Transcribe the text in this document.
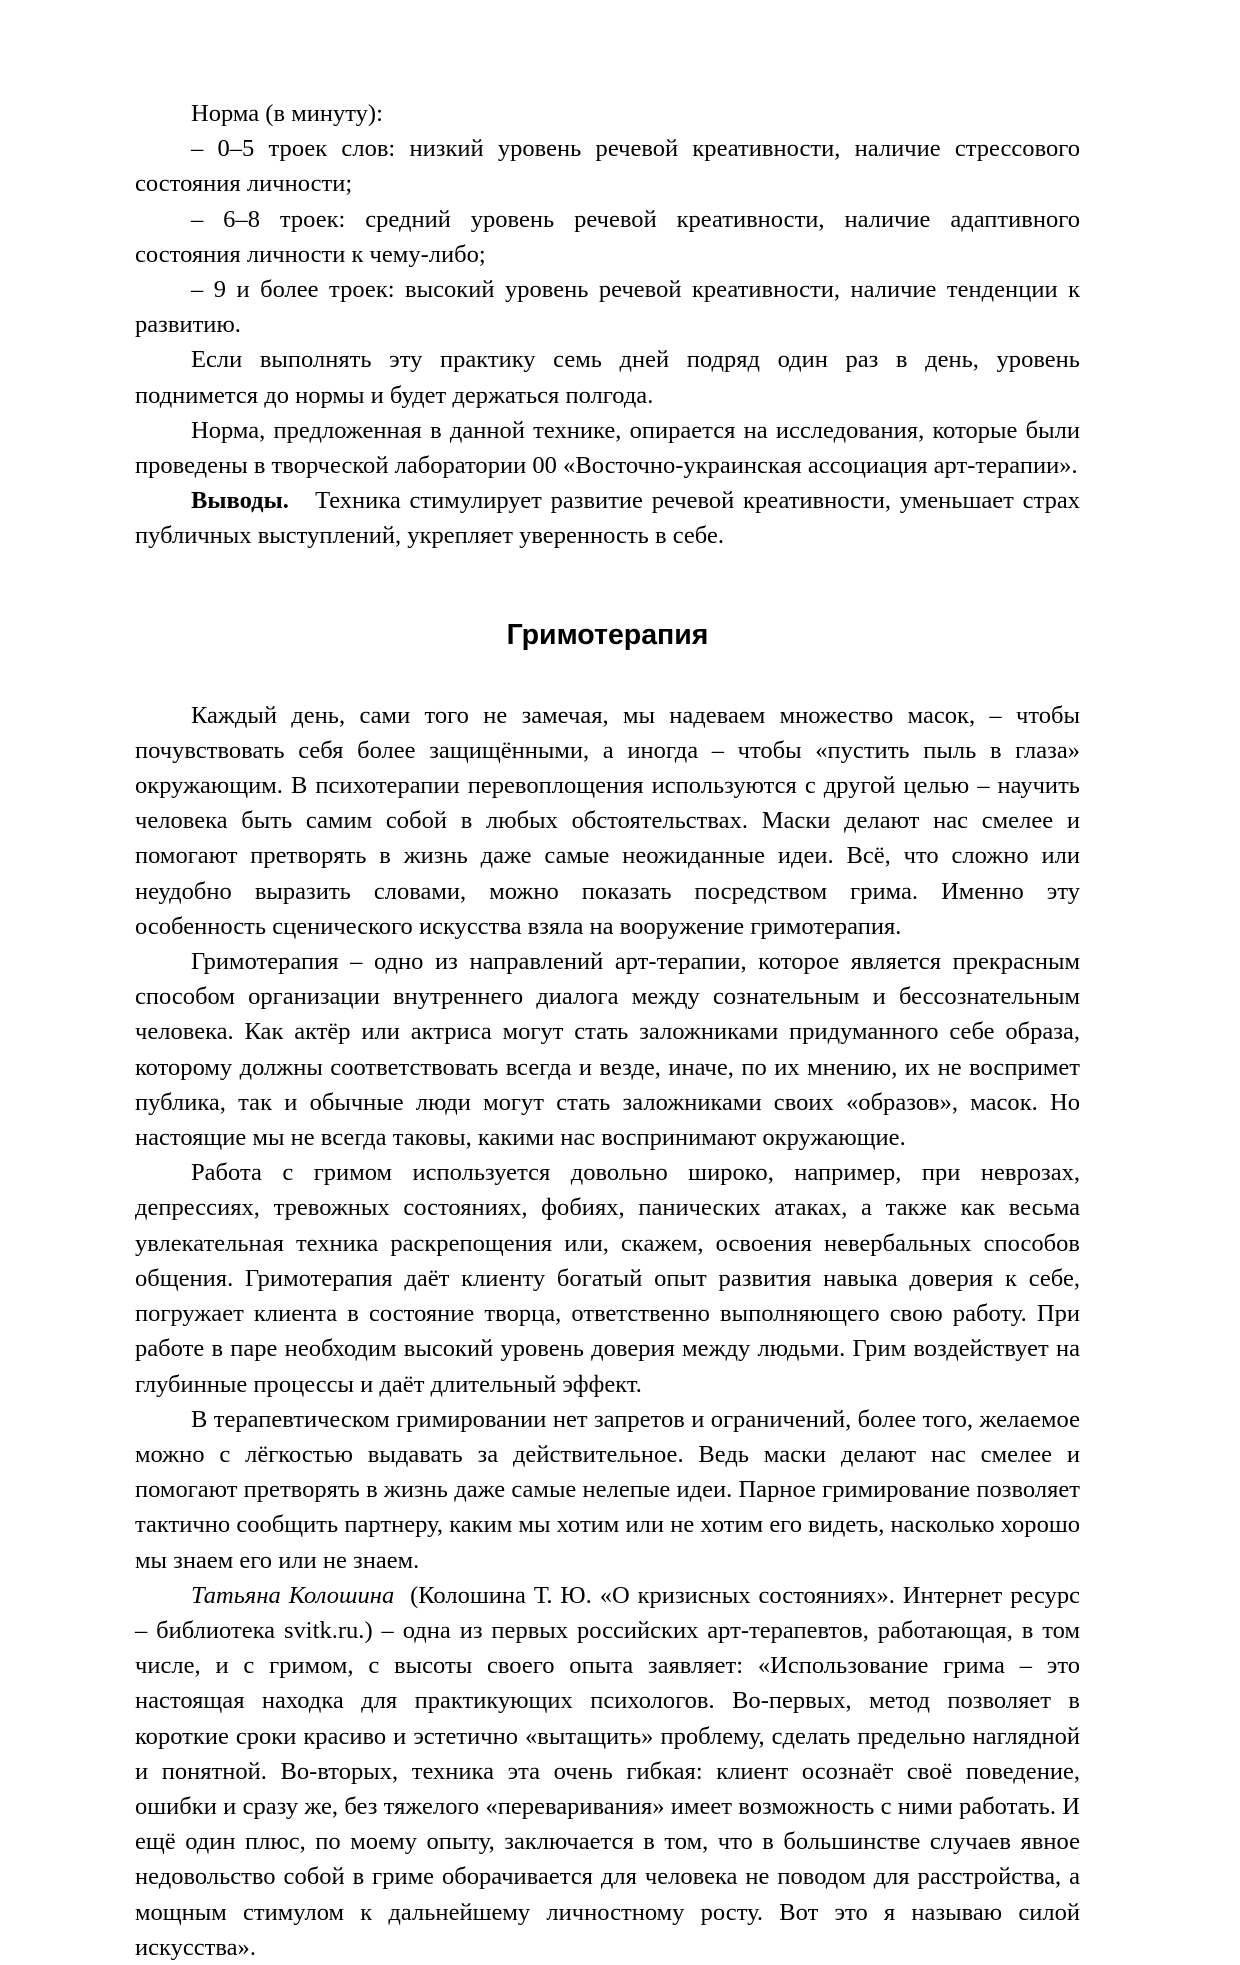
Норма (в минуту):

– 0–5 троек слов: низкий уровень речевой креативности, наличие стрессового состояния личности;

– 6–8 троек: средний уровень речевой креативности, наличие адаптивного состояния личности к чему-либо;

– 9 и более троек: высокий уровень речевой креативности, наличие тенденции к развитию.

Если выполнять эту практику семь дней подряд один раз в день, уровень поднимется до нормы и будет держаться полгода.

Норма, предложенная в данной технике, опирается на исследования, которые были проведены в творческой лаборатории 00 «Восточно-украинская ассоциация арт-терапии».

Выводы. Техника стимулирует развитие речевой креативности, уменьшает страх публичных выступлений, укрепляет уверенность в себе.

Гримотерапия

Каждый день, сами того не замечая, мы надеваем множество масок, – чтобы почувствовать себя более защищёнными, а иногда – чтобы «пустить пыль в глаза» окружающим. В психотерапии перевоплощения используются с другой целью – научить человека быть самим собой в любых обстоятельствах. Маски делают нас смелее и помогают претворять в жизнь даже самые неожиданные идеи. Всё, что сложно или неудобно выразить словами, можно показать посредством грима. Именно эту особенность сценического искусства взяла на вооружение гримотерапия.

Гримотерапия – одно из направлений арт-терапии, которое является прекрасным способом организации внутреннего диалога между сознательным и бессознательным человека. Как актёр или актриса могут стать заложниками придуманного себе образа, которому должны соответствовать всегда и везде, иначе, по их мнению, их не воспримет публика, так и обычные люди могут стать заложниками своих «образов», масок. Но настоящие мы не всегда таковы, какими нас воспринимают окружающие.

Работа с гримом используется довольно широко, например, при неврозах, депрессиях, тревожных состояниях, фобиях, панических атаках, а также как весьма увлекательная техника раскрепощения или, скажем, освоения невербальных способов общения. Гримотерапия даёт клиенту богатый опыт развития навыка доверия к себе, погружает клиента в состояние творца, ответственно выполняющего свою работу. При работе в паре необходим высокий уровень доверия между людьми. Грим воздействует на глубинные процессы и даёт длительный эффект.

В терапевтическом гримировании нет запретов и ограничений, более того, желаемое можно с лёгкостью выдавать за действительное. Ведь маски делают нас смелее и помогают претворять в жизнь даже самые нелепые идеи. Парное гримирование позволяет тактично сообщить партнеру, каким мы хотим или не хотим его видеть, насколько хорошо мы знаем его или не знаем.

Татьяна Колошина (Колошина Т. Ю. «О кризисных состояниях». Интернет ресурс – библиотека svitk.ru.) – одна из первых российских арт-терапевтов, работающая, в том числе, и с гримом, с высоты своего опыта заявляет: «Использование грима – это настоящая находка для практикующих психологов. Во-первых, метод позволяет в короткие сроки красиво и эстетично «вытащить» проблему, сделать предельно наглядной и понятной. Во-вторых, техника эта очень гибкая: клиент осознаёт своё поведение, ошибки и сразу же, без тяжелого «переваривания» имеет возможность с ними работать. И ещё один плюс, по моему опыту, заключается в том, что в большинстве случаев явное недовольство собой в гриме оборачивается для человека не поводом для расстройства, а мощным стимулом к дальнейшему личностному росту. Вот это я называю силой искусства».
